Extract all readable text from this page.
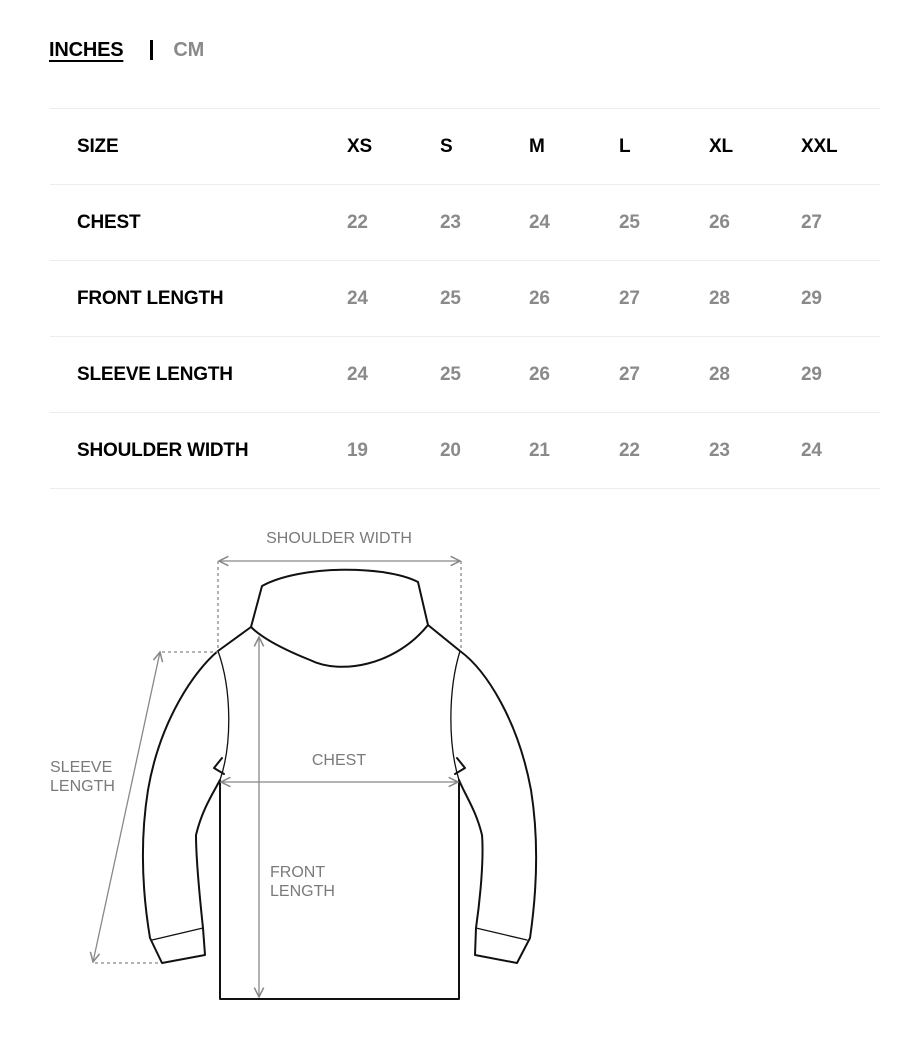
INCHES	CM
SIZE	XS	S	M	L	XL	XXL
CHEST	22	23	24	25	26	27
FRONT LENGTH	24	25	26	27	28	29
SLEEVE LENGTH	24	25	26	27	28	29
SHOULDER WIDTH	19	20	21	22	23	24
SHOULDER WIDTH
CHEST
FRONT
LENGTH
SLEEVE
LENGTH
